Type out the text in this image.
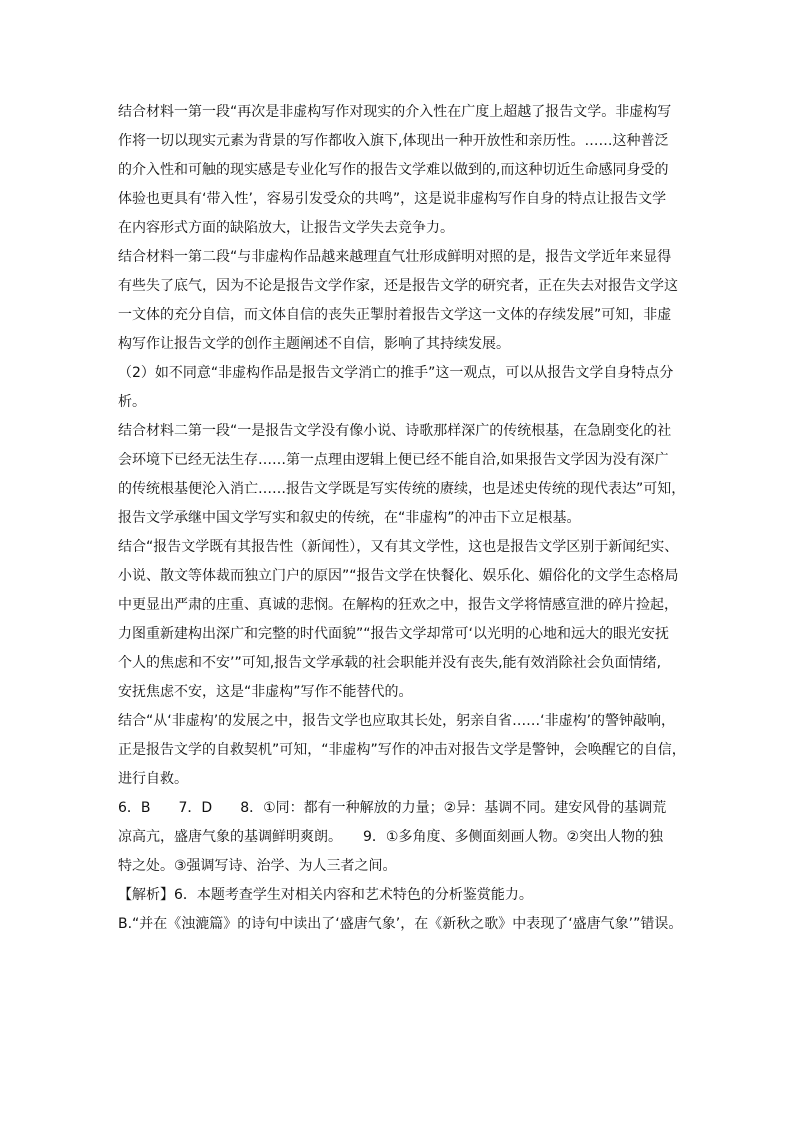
结合材料一第一段“再次是非虚构写作对现实的介入性在广度上超越了报告文学。非虚构写
作将一切以现实元素为背景的写作都收入旗下,体现出一种开放性和亲历性。……这种普泛
的介入性和可触的现实感是专业化写作的报告文学难以做到的,而这种切近生命感同身受的
体验也更具有‘带入性’，容易引发受众的共鸣”，这是说非虚构写作自身的特点让报告文学
在内容形式方面的缺陷放大，让报告文学失去竞争力。
结合材料一第二段“与非虚构作品越来越理直气壮形成鲜明对照的是，报告文学近年来显得
有些失了底气，因为不论是报告文学作家，还是报告文学的研究者，正在失去对报告文学这
一文体的充分自信，而文体自信的丧失正掣肘着报告文学这一文体的存续发展”可知，非虚
构写作让报告文学的创作主题阐述不自信，影响了其持续发展。
（2）如不同意“非虚构作品是报告文学消亡的推手”这一观点，可以从报告文学自身特点分
析。
结合材料二第一段“一是报告文学没有像小说、诗歌那样深广的传统根基，在急剧变化的社
会环境下已经无法生存……第一点理由逻辑上便已经不能自洽,如果报告文学因为没有深广
的传统根基便沦入消亡……报告文学既是写实传统的赓续，也是述史传统的现代表达”可知，
报告文学承继中国文学写实和叙史的传统，在“非虚构”的冲击下立足根基。
结合“报告文学既有其报告性（新闻性），又有其文学性，这也是报告文学区别于新闻纪实、
小说、散文等体裁而独立门户的原因”“报告文学在快餐化、娱乐化、媚俗化的文学生态格局
中更显出严肃的庄重、真诚的悲悯。在解构的狂欢之中，报告文学将情感宣泄的碎片捡起，
力图重新建构出深广和完整的时代面貌”“报告文学却常可‘以光明的心地和远大的眼光安抚
个人的焦虑和不安’”可知,报告文学承载的社会职能并没有丧失,能有效消除社会负面情绪,
安抚焦虑不安，这是“非虚构”写作不能替代的。
结合“从‘非虚构’的发展之中，报告文学也应取其长处，躬亲自省……‘非虚构’的警钟敲响，
正是报告文学的自救契机”可知，“非虚构”写作的冲击对报告文学是警钟，会唤醒它的自信，
进行自救。
6．B　　7．D　　8．①同：都有一种解放的力量；②异：基调不同。建安风骨的基调荒
凉高亢，盛唐气象的基调鲜明爽朗。　　9．①多角度、多侧面刻画人物。②突出人物的独
特之处。③强调写诗、治学、为人三者之间。
【解析】6．本题考查学生对相关内容和艺术特色的分析鉴赏能力。
B.“并在《浊漉篇》的诗句中读出了‘盛唐气象’，在《新秋之歌》中表现了‘盛唐气象’”错误。
